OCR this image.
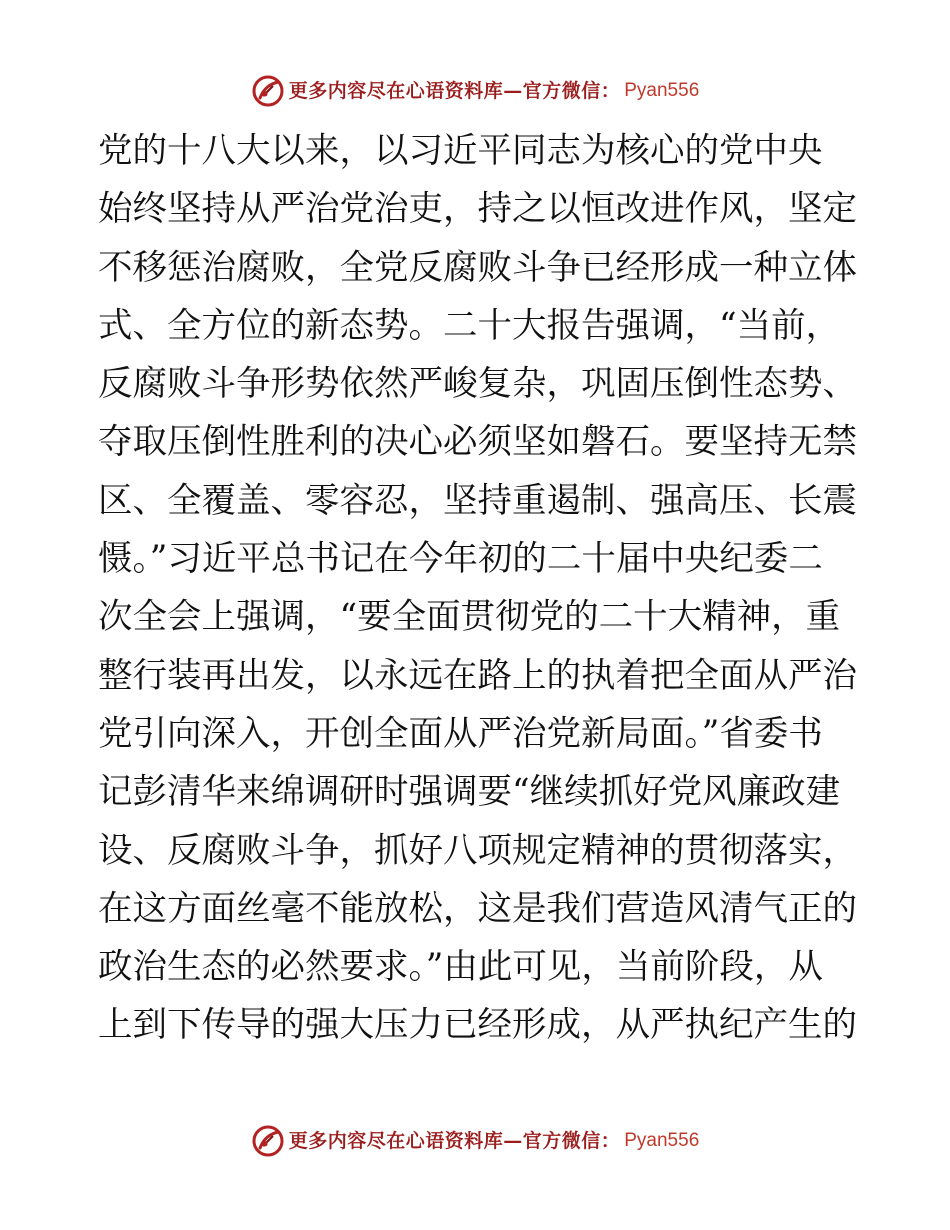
更多内容尽在心语资料库—官方微信： Pyan556
党的十八大以来，以习近平同志为核心的党中央
始终坚持从严治党治吏，持之以恒改进作风，坚定
不移惩治腐败，全党反腐败斗争已经形成一种立体
式、全方位的新态势。二十大报告强调，“当前，
反腐败斗争形势依然严峻复杂，巩固压倒性态势、
夺取压倒性胜利的决心必须坚如磐石。要坚持无禁
区、全覆盖、零容忍，坚持重遏制、强高压、长震
慑。”习近平总书记在今年初的二十届中央纪委二
次全会上强调，“要全面贯彻党的二十大精神，重
整行装再出发，以永远在路上的执着把全面从严治
党引向深入，开创全面从严治党新局面。”省委书
记彭清华来绵调研时强调要“继续抓好党风廉政建
设、反腐败斗争，抓好八项规定精神的贯彻落实，
在这方面丝毫不能放松，这是我们营造风清气正的
政治生态的必然要求。”由此可见，当前阶段，从
上到下传导的强大压力已经形成，从严执纪产生的
更多内容尽在心语资料库—官方微信： Pyan556
